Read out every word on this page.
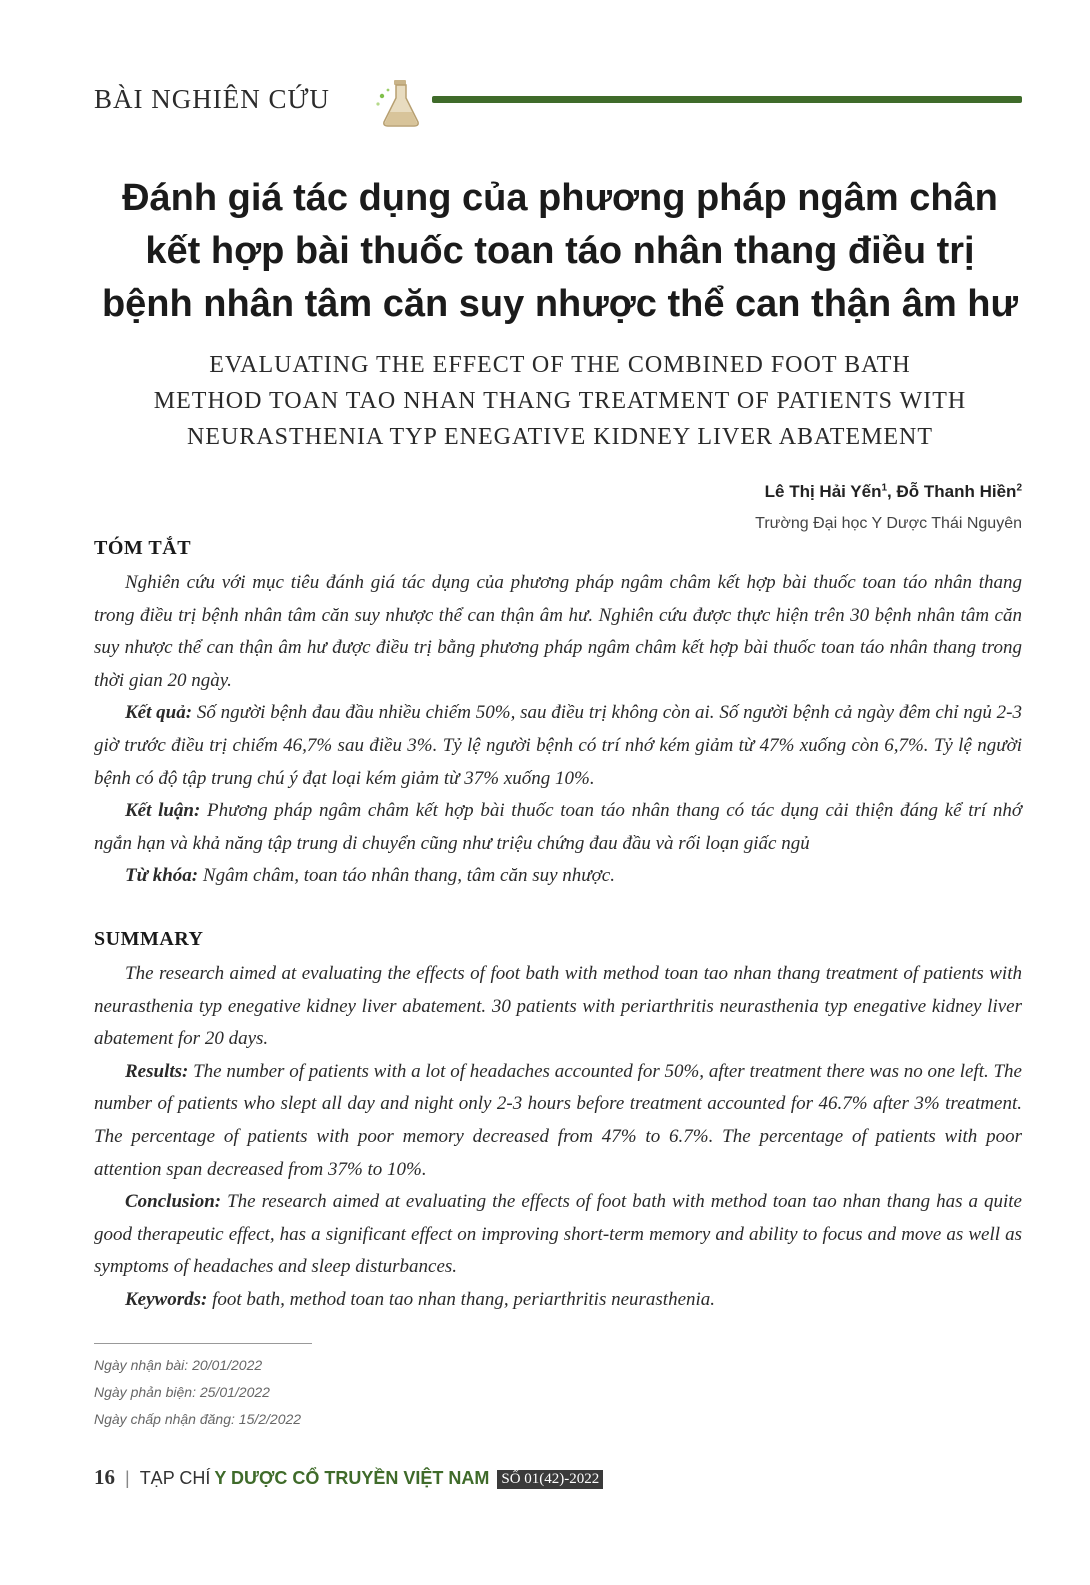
BÀI NGHIÊN CỨU
Đánh giá tác dụng của phương pháp ngâm chân
kết hợp bài thuốc toan táo nhân thang điều trị
bệnh nhân tâm căn suy nhược thể can thận âm hư
EVALUATING THE EFFECT OF THE COMBINED FOOT BATH
METHOD TOAN TAO NHAN THANG TREATMENT OF PATIENTS WITH
NEURASTHENIA TYP ENEGATIVE KIDNEY LIVER ABATEMENT
Lê Thị Hải Yến$^1$, Đỗ Thanh Hiền$^2$
Trường Đại học Y Dược Thái Nguyên
TÓM TẮT

Nghiên cứu với mục tiêu đánh giá tác dụng của phương pháp ngâm châm kết hợp bài thuốc toan táo nhân thang trong điều trị bệnh nhân tâm căn suy nhược thể can thận âm hư. Nghiên cứu được thực hiện trên 30 bệnh nhân tâm căn suy nhược thể can thận âm hư được điều trị bằng phương pháp ngâm châm kết hợp bài thuốc toan táo nhân thang trong thời gian 20 ngày.

Kết quả: Số người bệnh đau đầu nhiều chiếm 50%, sau điều trị không còn ai. Số người bệnh cả ngày đêm chỉ ngủ 2-3 giờ trước điều trị chiếm 46,7% sau điều 3%. Tỷ lệ người bệnh có trí nhớ kém giảm từ 47% xuống còn 6,7%. Tỷ lệ người bệnh có độ tập trung chú ý đạt loại kém giảm từ 37% xuống 10%.

Kết luận: Phương pháp ngâm châm kết hợp bài thuốc toan táo nhân thang có tác dụng cải thiện đáng kể trí nhớ ngắn hạn và khả năng tập trung di chuyển cũng như triệu chứng đau đầu và rối loạn giấc ngủ

Từ khóa: Ngâm châm, toan táo nhân thang, tâm căn suy nhược.

SUMMARY

The research aimed at evaluating the effects of foot bath with method toan tao nhan thang treatment of patients with neurasthenia typ enegative kidney liver abatement. 30 patients with periarthritis neurasthenia typ enegative kidney liver abatement for 20 days.

Results: The number of patients with a lot of headaches accounted for 50%, after treatment there was no one left. The number of patients who slept all day and night only 2-3 hours before treatment accounted for 46.7% after 3% treatment. The percentage of patients with poor memory decreased from 47% to 6.7%. The percentage of patients with poor attention span decreased from 37% to 10%.

Conclusion: The research aimed at evaluating the effects of foot bath with method toan tao nhan thang has a quite good therapeutic effect, has a significant effect on improving short-term memory and ability to focus and move as well as symptoms of headaches and sleep disturbances.

Keywords: foot bath, method toan tao nhan thang, periarthritis neurasthenia.

Ngày nhận bài: 20/01/2022
Ngày phản biện: 25/01/2022
Ngày chấp nhận đăng: 15/2/2022
16 | TẠP CHÍ Y DƯỢC CỔ TRUYỀN VIỆT NAM SỐ 01(42)-2022
